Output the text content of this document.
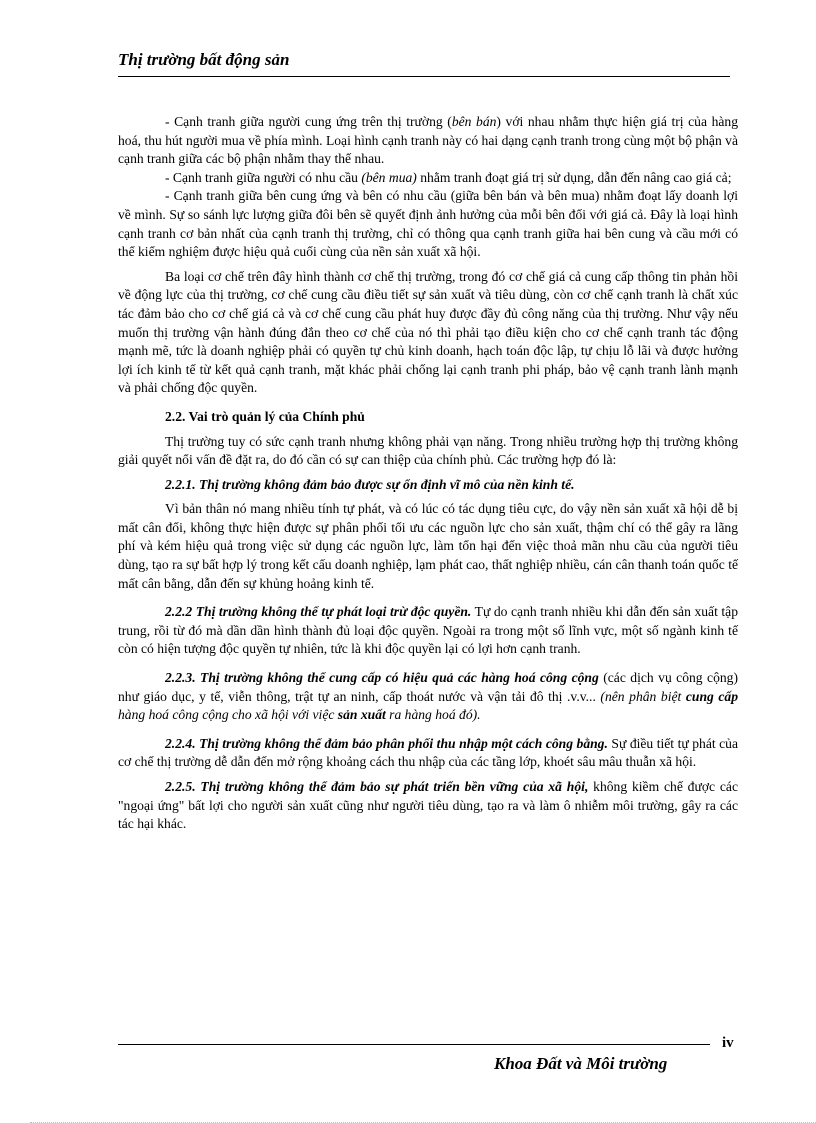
Thị trường bất động sản

- Cạnh tranh giữa người cung ứng trên thị trường (bên bán) với nhau nhằm thực hiện giá trị của hàng hoá, thu hút người mua về phía mình. Loại hình cạnh tranh này có hai dạng cạnh tranh trong cùng một bộ phận và cạnh tranh giữa các bộ phận nhằm thay thế nhau.

- Cạnh tranh giữa người có nhu cầu (bên mua) nhằm tranh đoạt giá trị sử dụng, dẫn đến nâng cao giá cả;

- Cạnh tranh giữa bên cung ứng và bên có nhu cầu (giữa bên bán và bên mua) nhằm đoạt lấy doanh lợi về mình. Sự so sánh lực lượng giữa đôi bên sẽ quyết định ảnh hưởng của mỗi bên đối với giá cả. Đây là loại hình cạnh tranh cơ bản nhất của cạnh tranh thị trường, chỉ có thông qua cạnh tranh giữa hai bên cung và cầu mới có thể kiểm nghiệm được hiệu quả cuối cùng của nền sản xuất xã hội.

Ba loại cơ chế trên đây hình thành cơ chế thị trường, trong đó cơ chế giá cả cung cấp thông tin phản hồi về động lực của thị trường, cơ chế cung cầu điều tiết sự sản xuất và tiêu dùng, còn cơ chế cạnh tranh là chất xúc tác đảm bảo cho cơ chế giá cả và cơ chế cung cầu phát huy được đầy đủ công năng của thị trường. Như vậy nếu muốn thị trường vận hành đúng đắn theo cơ chế của nó thì phải tạo điều kiện cho cơ chế cạnh tranh tác động mạnh mẽ, tức là doanh nghiệp phải có quyền tự chủ kinh doanh, hạch toán độc lập, tự chịu lỗ lãi và được hưởng lợi ích kinh tế từ kết quả cạnh tranh, mặt khác phải chống lại cạnh tranh phi pháp, bảo vệ cạnh tranh lành mạnh và phải chống độc quyền.

2.2. Vai trò quản lý của Chính phủ

Thị trường tuy có sức cạnh tranh nhưng không phải vạn năng. Trong nhiều trường hợp thị trường không giải quyết nổi vấn đề đặt ra, do đó cần có sự can thiệp của chính phủ. Các trường hợp đó là:

2.2.1. Thị trường không đảm bảo được sự ổn định vĩ mô của nền kinh tế.

Vì bản thân nó mang nhiều tính tự phát, và có lúc có tác dụng tiêu cực, do vậy nền sản xuất xã hội dễ bị mất cân đối, không thực hiện được sự phân phối tối ưu các nguồn lực cho sản xuất, thậm chí có thể gây ra lãng phí và kém hiệu quả trong việc sử dụng các nguồn lực, làm tổn hại đến việc thoả mãn nhu cầu của người tiêu dùng, tạo ra sự bất hợp lý trong kết cấu doanh nghiệp, lạm phát cao, thất nghiệp nhiều, cán cân thanh toán quốc tế mất cân bằng, dẫn đến sự khủng hoảng kinh tế.

2.2.2 Thị trường không thể tự phát loại trừ độc quyền. Tự do cạnh tranh nhiều khi dẫn đến sản xuất tập trung, rồi từ đó mà dần dần hình thành đủ loại độc quyền. Ngoài ra trong một số lĩnh vực, một số ngành kinh tế còn có hiện tượng độc quyền tự nhiên, tức là khi độc quyền lại có lợi hơn cạnh tranh.

2.2.3. Thị trường không thể cung cấp có hiệu quả các hàng hoá công cộng (các dịch vụ công cộng) như giáo dục, y tế, viễn thông, trật tự an ninh, cấp thoát nước và vận tải đô thị .v.v... (nên phân biệt cung cấp hàng hoá công cộng cho xã hội với việc sản xuất ra hàng hoá đó).

2.2.4. Thị trường không thể đảm bảo phân phối thu nhập một cách công bằng. Sự điều tiết tự phát của cơ chế thị trường dễ dẫn đến mở rộng khoảng cách thu nhập của các tầng lớp, khoét sâu mâu thuẫn xã hội.

2.2.5. Thị trường không thể đảm bảo sự phát triển bền vững của xã hội, không kiềm chế được các "ngoại ứng" bất lợi cho người sản xuất cũng như người tiêu dùng, tạo ra và làm ô nhiễm môi trường, gây ra các tác hại khác.

iv
Khoa Đất và Môi trường
